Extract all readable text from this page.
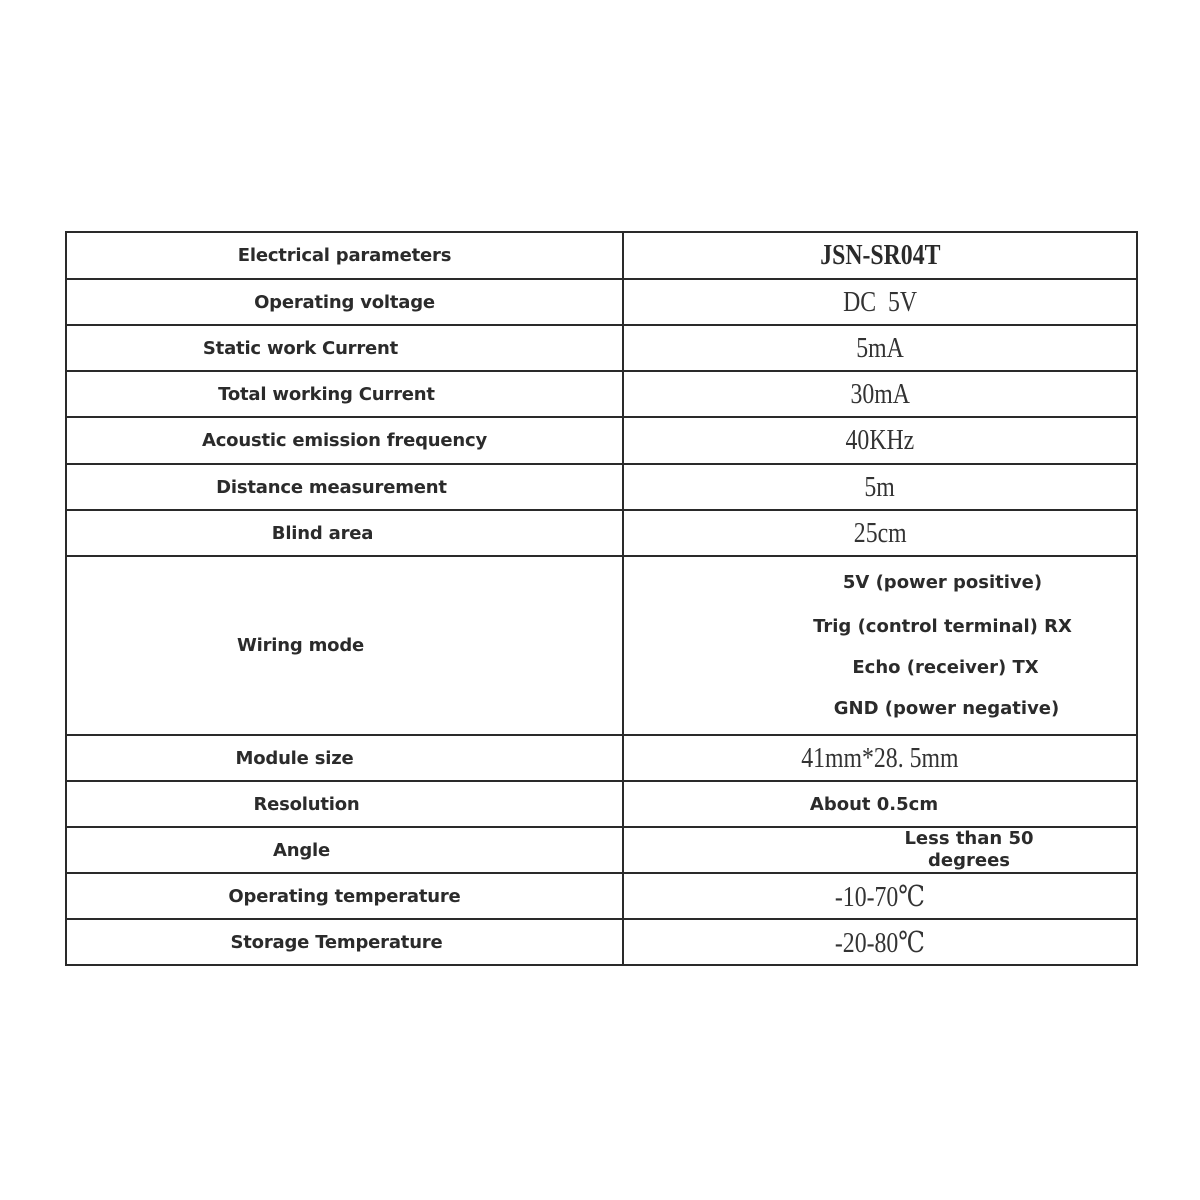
Electrical parameters	JSN-SR04T
Operating voltage	DC  5V
Static work Current	5mA
Total working Current	30mA
Acoustic emission frequency	40KHz
Distance measurement	5m
Blind area	25cm
Wiring mode	5V (power positive)
Trig (control terminal) RX
Echo (receiver) TX
GND (power negative)

Module size	41mm*28. 5mm
Resolution	About 0.5cm
Angle	Less than 50
degrees

Operating temperature	-10-70℃
Storage Temperature	-20-80℃
